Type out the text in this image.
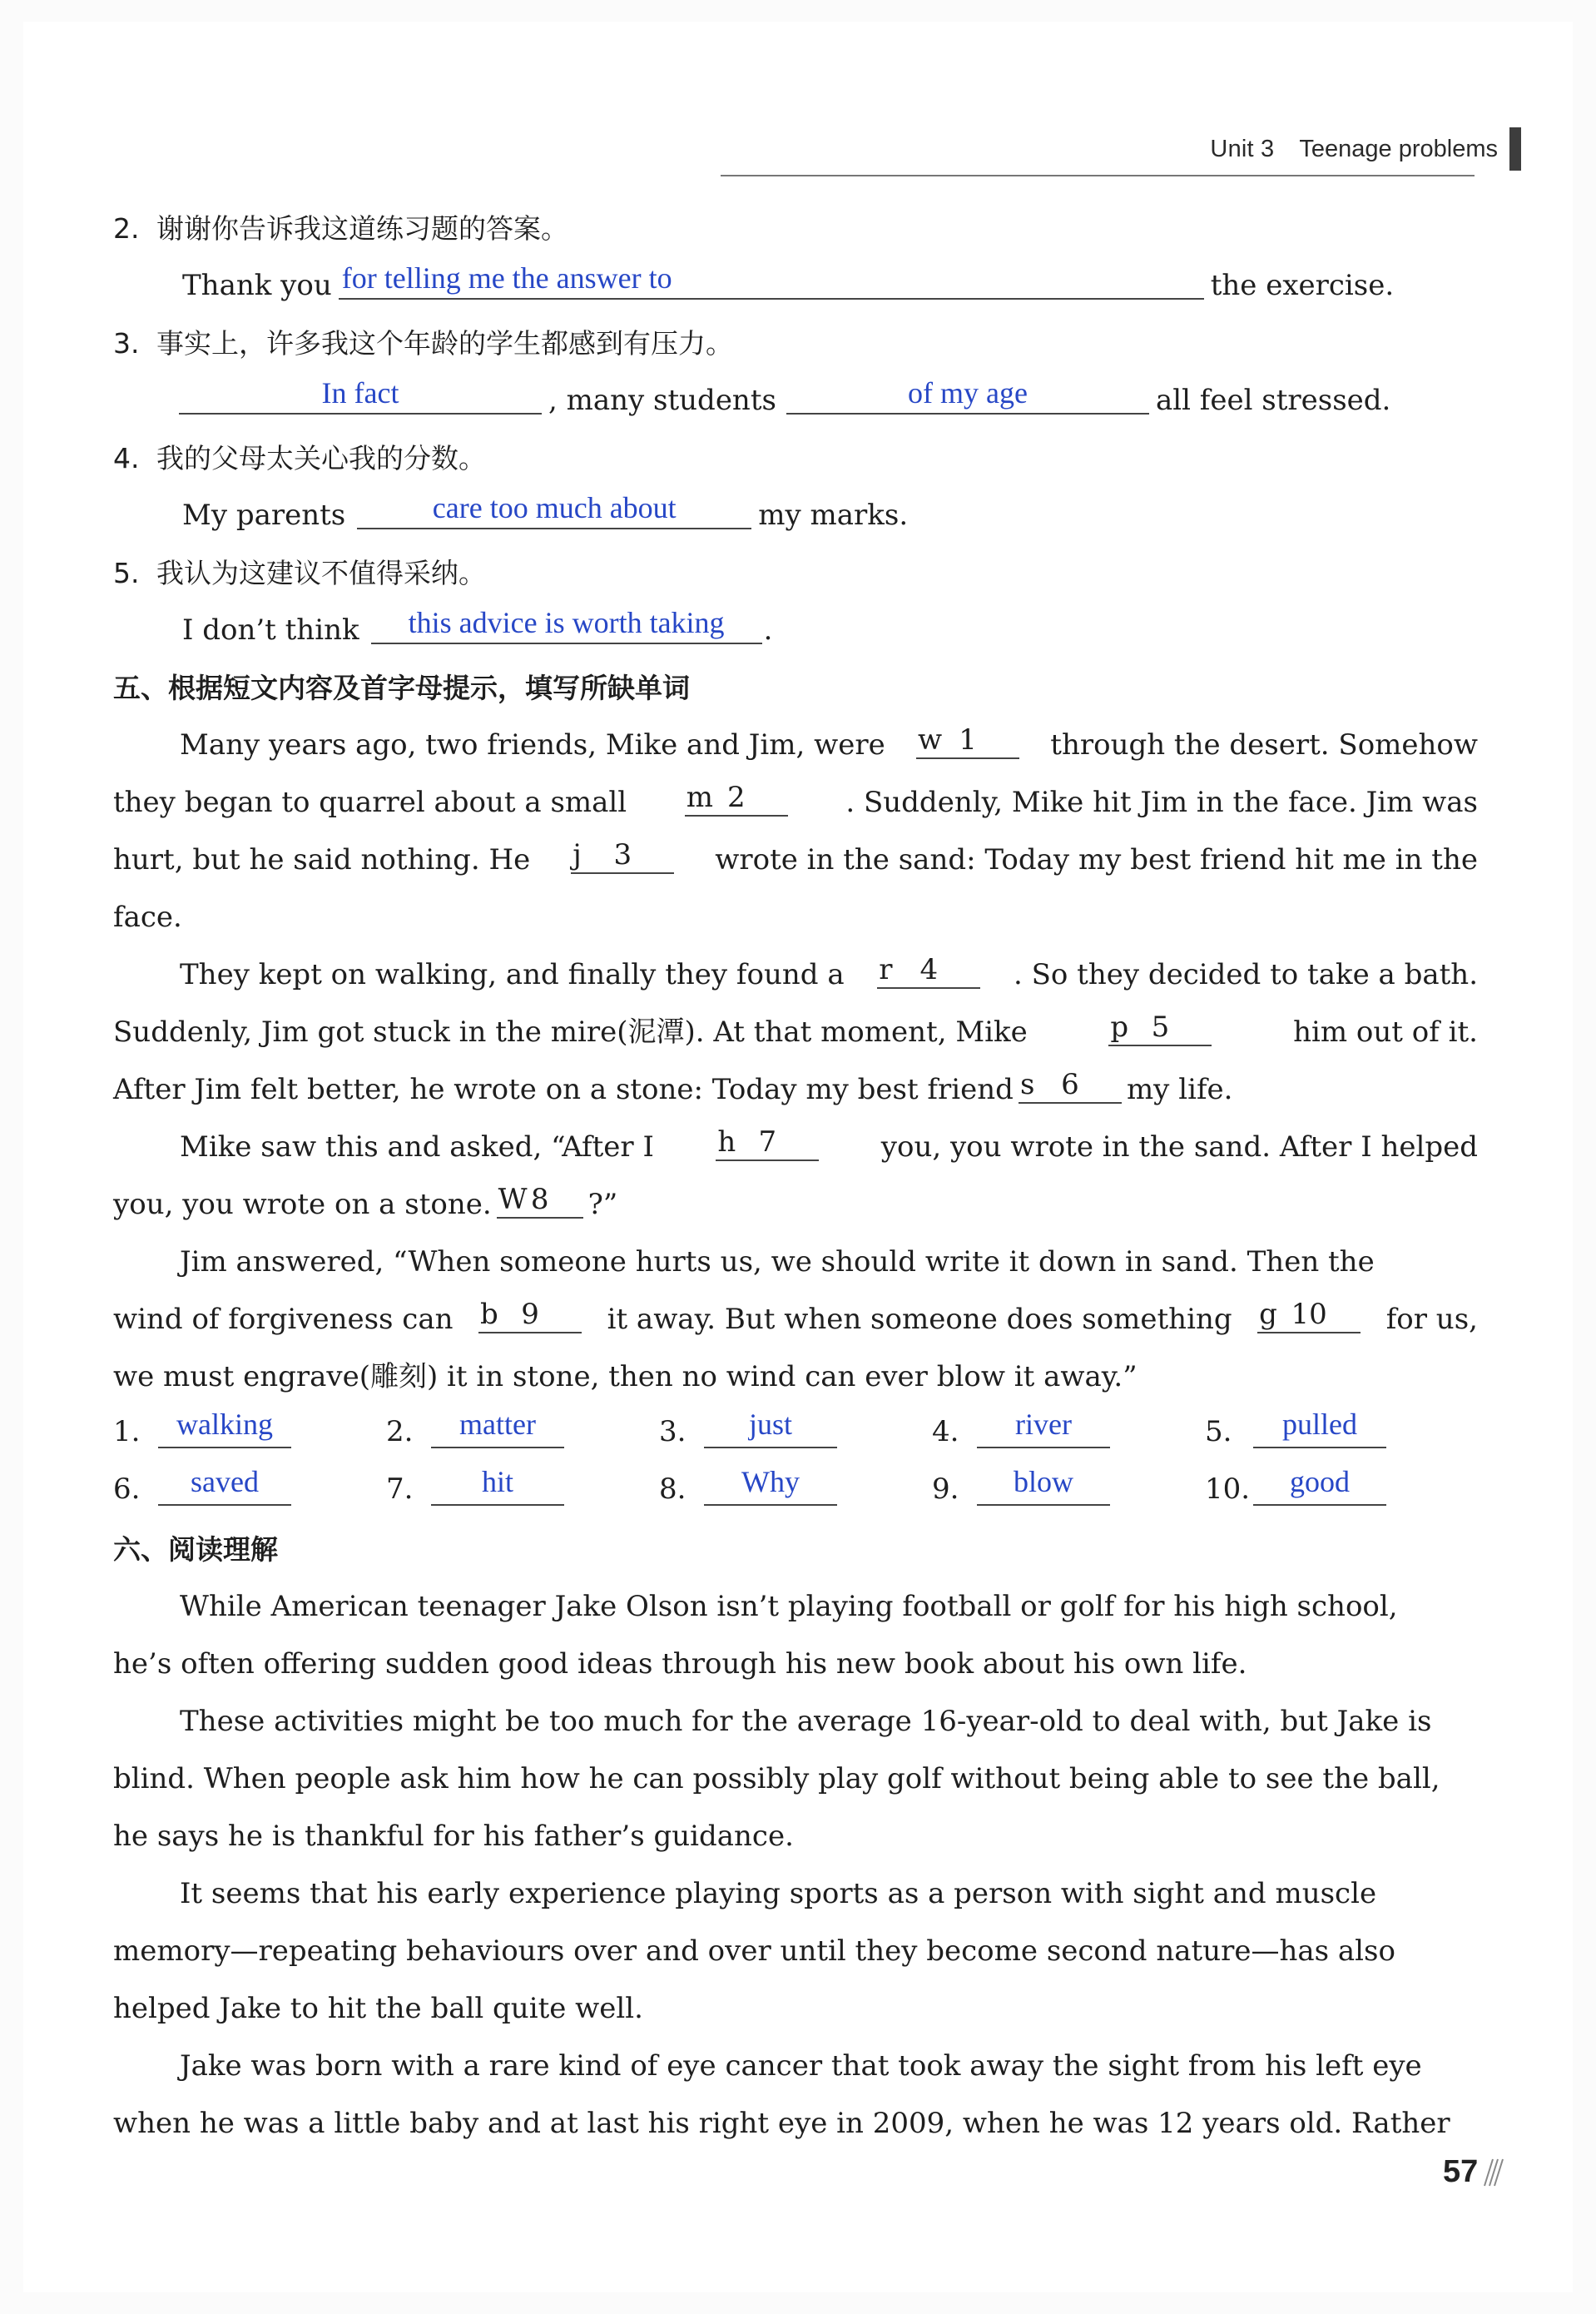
Unit 3 Teenage problems
2. 谢谢你告诉我这道练习题的答案。
Thank you for telling me the answer to	the exercise.
3. 事实上，许多我这个年龄的学生都感到有压力。
In fact	, many students	of my age	all feel stressed.
4. 我的父母太关心我的分数。
My parents	care too much about	my marks.
5. 我认为这建议不值得采纳。
I don’t think	this advice is worth taking	.
五、根据短文内容及首字母提示，填写所缺单词
Many years ago, two friends, Mike and Jim, were w 1	through the desert. Somehow
they began to quarrel about a small m 2	. Suddenly, Mike hit Jim in the face. Jim was
hurt, but he said nothing. He j	3	wrote in the sand: Today my best friend hit me in the
face.
They kept on walking, and finally they found a r 4	. So they decided to take a bath.
Suddenly, Jim got stuck in the mire(泥潭). At that moment, Mike	p 5	him out of it.
After Jim felt better, he wrote on a stone: Today my best friend s 6	my life.
Mike saw this and asked, “After I h 7	you, you wrote in the sand. After I helped
you, you wrote on a stone. W 8	?”
Jim answered, “When someone hurts us, we should write it down in sand. Then the
wind of forgiveness can b 9	it away. But when someone does something g 10	for us,
we must engrave(雕刻) it in stone, then no wind can ever blow it away.”
1.	walking	2.	matter	3.	just	4.	river	5.	pulled
6.	saved	7.	hit	8.	Why	9.	blow	10.	good
六、阅读理解
While American teenager Jake Olson isn’t playing football or golf for his high school,
he’s often offering sudden good ideas through his new book about his own life.
These activities might be too much for the average 16-year-old to deal with, but Jake is
blind. When people ask him how he can possibly play golf without being able to see the ball,
he says he is thankful for his father’s guidance.
It seems that his early experience playing sports as a person with sight and muscle
memory—repeating behaviours over and over until they become second nature—has also
helped Jake to hit the ball quite well.
Jake was born with a rare kind of eye cancer that took away the sight from his left eye
when he was a little baby and at last his right eye in 2009, when he was 12 years old. Rather
57
